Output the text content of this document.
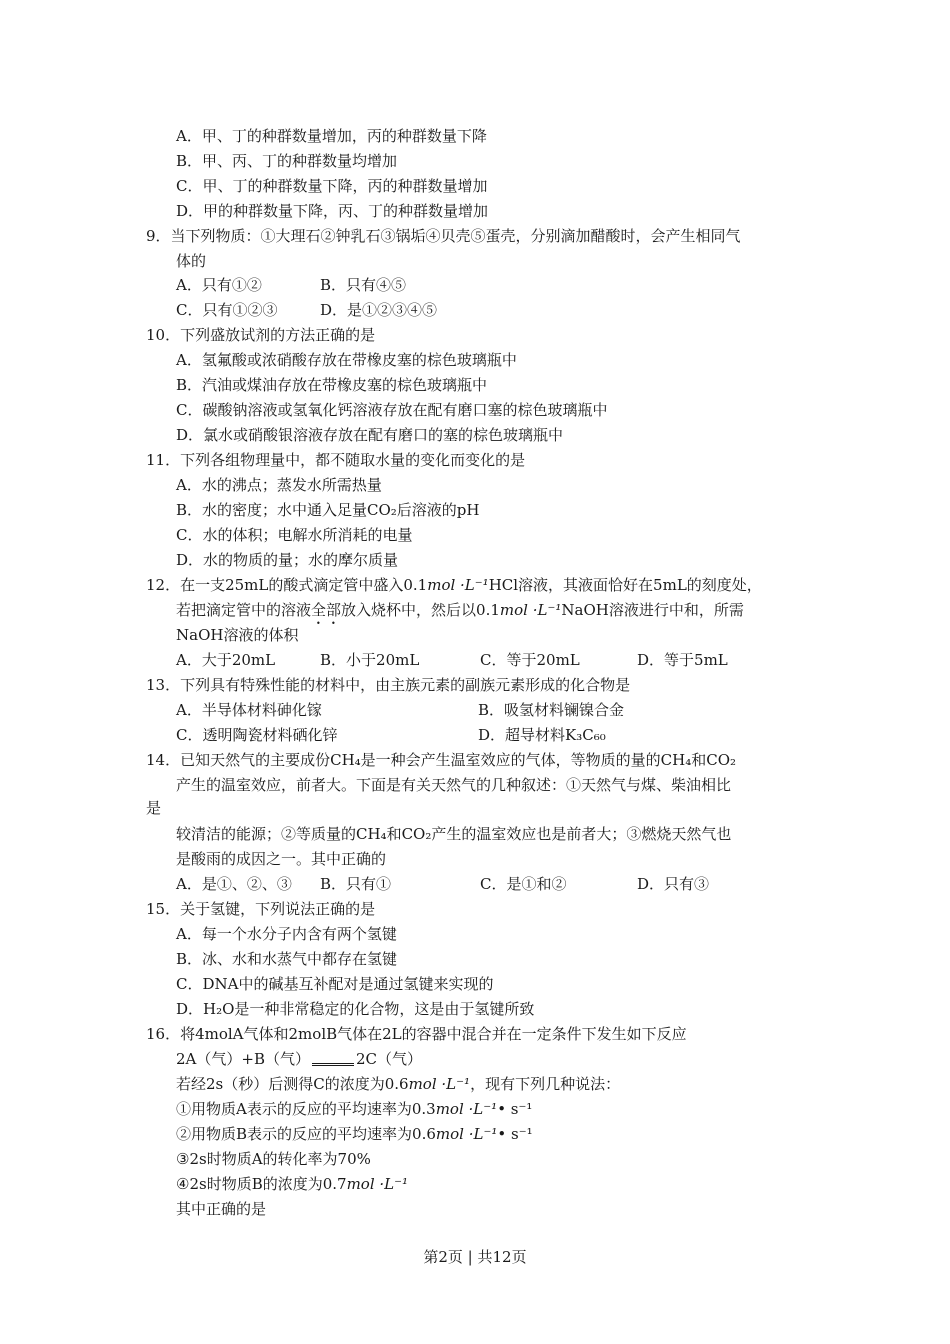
A．甲、丁的种群数量增加，丙的种群数量下降
B．甲、丙、丁的种群数量均增加
C．甲、丁的种群数量下降，丙的种群数量增加
D．甲的种群数量下降，丙、丁的种群数量增加
9．当下列物质：①大理石②钟乳石③锅垢④贝壳⑤蛋壳，分别滴加醋酸时，会产生相同气
体的
A．只有①②	B．只有④⑤
C．只有①②③	D．是①②③④⑤
10．下列盛放试剂的方法正确的是
A．氢氟酸或浓硝酸存放在带橡皮塞的棕色玻璃瓶中
B．汽油或煤油存放在带橡皮塞的棕色玻璃瓶中
C．碳酸钠溶液或氢氧化钙溶液存放在配有磨口塞的棕色玻璃瓶中
D．氯水或硝酸银溶液存放在配有磨口的塞的棕色玻璃瓶中
11．下列各组物理量中，都不随取水量的变化而变化的是
A．水的沸点；蒸发水所需热量
B．水的密度；水中通入足量CO₂后溶液的pH
C．水的体积；电解水所消耗的电量
D．水的物质的量；水的摩尔质量
12．在一支25mL的酸式滴定管中盛入0.1mol ·L⁻¹HCl溶液，其液面恰好在5mL的刻度处，
若把滴定管中的溶液全部放入烧杯中，然后以0.1mol ·L⁻¹NaOH溶液进行中和，所需
NaOH溶液的体积
A．大于20mL	B．小于20mL	C．等于20mL	D．等于5mL
13．下列具有特殊性能的材料中，由主族元素的副族元素形成的化合物是
A．半导体材料砷化镓	B．吸氢材料镧镍合金
C．透明陶瓷材料硒化锌	D．超导材料K₃C₆₀
14．已知天然气的主要成份CH₄是一种会产生温室效应的气体，等物质的量的CH₄和CO₂
产生的温室效应，前者大。下面是有关天然气的几种叙述：①天然气与煤、柴油相比
是
较清洁的能源；②等质量的CH₄和CO₂产生的温室效应也是前者大；③燃烧天然气也
是酸雨的成因之一。其中正确的
A．是①、②、③ B．只有①	C．是①和②	D．只有③
15．关于氢键，下列说法正确的是
A．每一个水分子内含有两个氢键
B．冰、水和水蒸气中都存在氢键
C．DNA中的碱基互补配对是通过氢键来实现的
D．H₂O是一种非常稳定的化合物，这是由于氢键所致
16．将4molA气体和2molB气体在2L的容器中混合并在一定条件下发生如下反应
2A（气）+B（气）	2C（气）
若经2s（秒）后测得C的浓度为0.6mol ·L⁻¹，现有下列几种说法：
①用物质A表示的反应的平均速率为0.3mol ·L⁻¹• s⁻¹
②用物质B表示的反应的平均速率为0.6mol ·L⁻¹• s⁻¹
③2s时物质A的转化率为70%
④2s时物质B的浓度为0.7mol ·L⁻¹
其中正确的是
第2页 | 共12页
